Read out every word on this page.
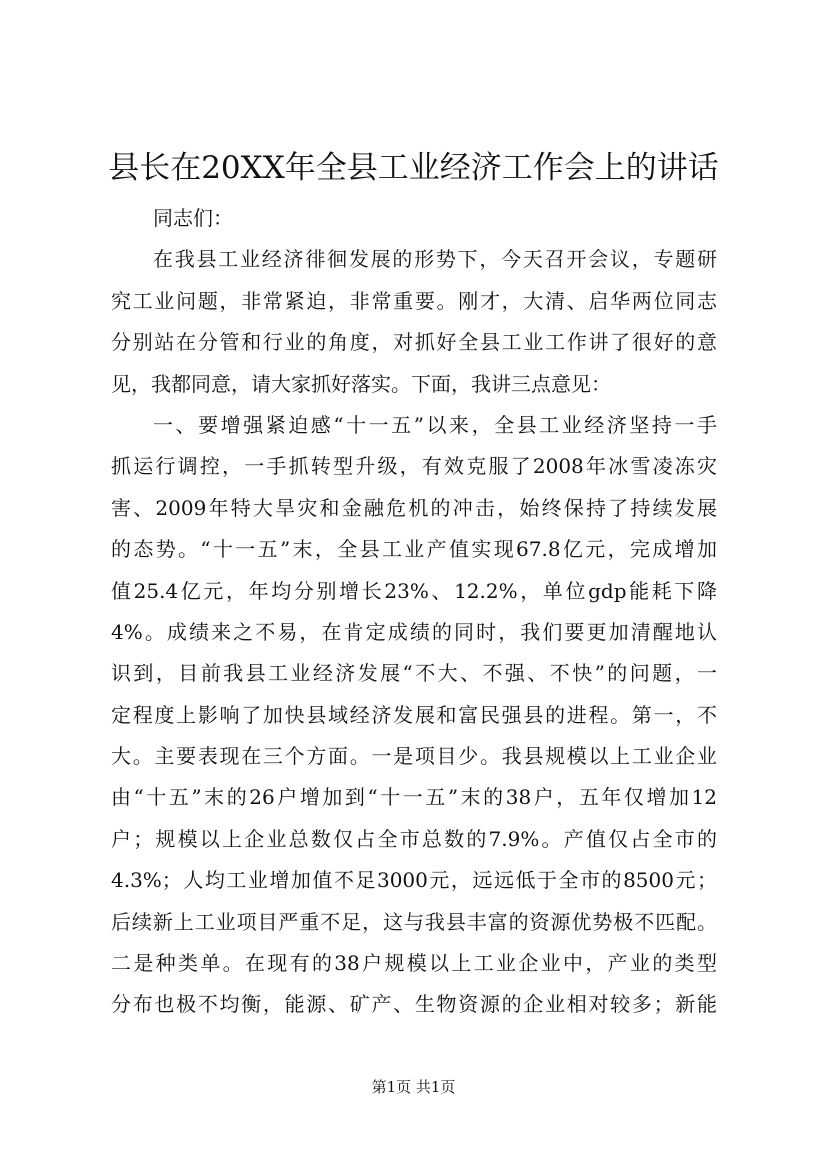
县长在20XX年全县工业经济工作会上的讲话
同志们：
在我县工业经济徘徊发展的形势下，今天召开会议，专题研
究工业问题，非常紧迫，非常重要。刚才，大清、启华两位同志
分别站在分管和行业的角度，对抓好全县工业工作讲了很好的意
见，我都同意，请大家抓好落实。下面，我讲三点意见：
一、要增强紧迫感“十一五”以来，全县工业经济坚持一手
抓运行调控，一手抓转型升级，有效克服了2008年冰雪凌冻灾
害、2009年特大旱灾和金融危机的冲击，始终保持了持续发展
的态势。“十一五”末，全县工业产值实现67.8亿元，完成增加
值25.4亿元，年均分别增长23%、12.2%，单位gdp能耗下降
4%。成绩来之不易，在肯定成绩的同时，我们要更加清醒地认
识到，目前我县工业经济发展“不大、不强、不快”的问题，一
定程度上影响了加快县域经济发展和富民强县的进程。第一，不
大。主要表现在三个方面。一是项目少。我县规模以上工业企业
由“十五”末的26户增加到“十一五”末的38户，五年仅增加12
户；规模以上企业总数仅占全市总数的7.9%。产值仅占全市的
4.3%；人均工业增加值不足3000元，远远低于全市的8500元；
后续新上工业项目严重不足，这与我县丰富的资源优势极不匹配。
二是种类单。在现有的38户规模以上工业企业中，产业的类型
分布也极不均衡，能源、矿产、生物资源的企业相对较多；新能
第1页 共1页
